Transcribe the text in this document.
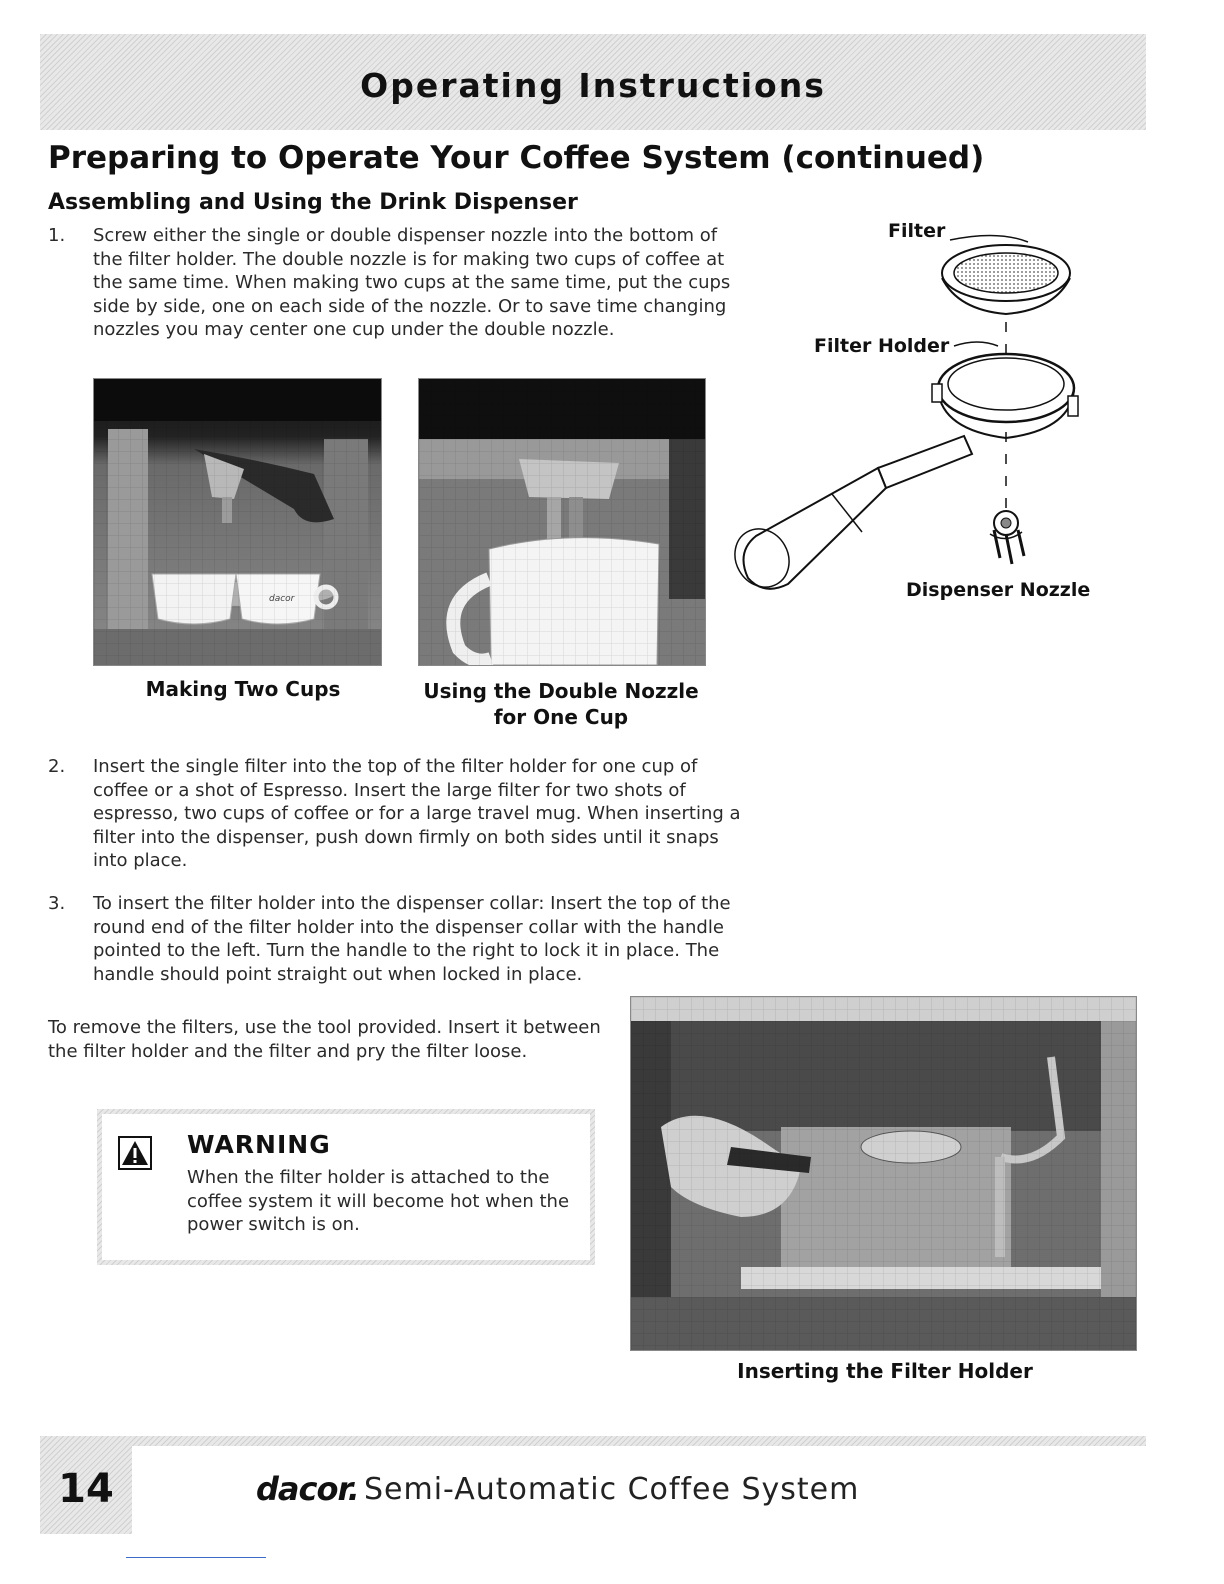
Operating Instructions
Preparing to Operate Your Coffee System (continued)
Assembling and Using the Drink Dispenser
1. Screw either the single or double dispenser nozzle into the bottom of the filter holder. The double nozzle is for making two cups of coffee at the same time. When making two cups at the same time, put the cups side by side, one on each side of the nozzle. Or to save time changing nozzles you may center one cup under the double nozzle.
Making Two Cups	Using the Double Nozzle for One Cup
Filter
Filter Holder
Dispenser Nozzle
2. Insert the single filter into the top of the filter holder for one cup of coffee or a shot of Espresso. Insert the large filter for two shots of espresso, two cups of coffee or for a large travel mug. When inserting a filter into the dispenser, push down firmly on both sides until it snaps into place.
3. To insert the filter holder into the dispenser collar: Insert the top of the round end of the filter holder into the dispenser collar with the handle pointed to the left. Turn the handle to the right to lock it in place. The handle should point straight out when locked in place.
To remove the filters, use the tool provided. Insert it between the filter holder and the filter and pry the filter loose.
WARNING
When the filter holder is attached to the coffee system it will become hot when the power switch is on.
Inserting the Filter Holder
14	dacor. Semi-Automatic Coffee System
